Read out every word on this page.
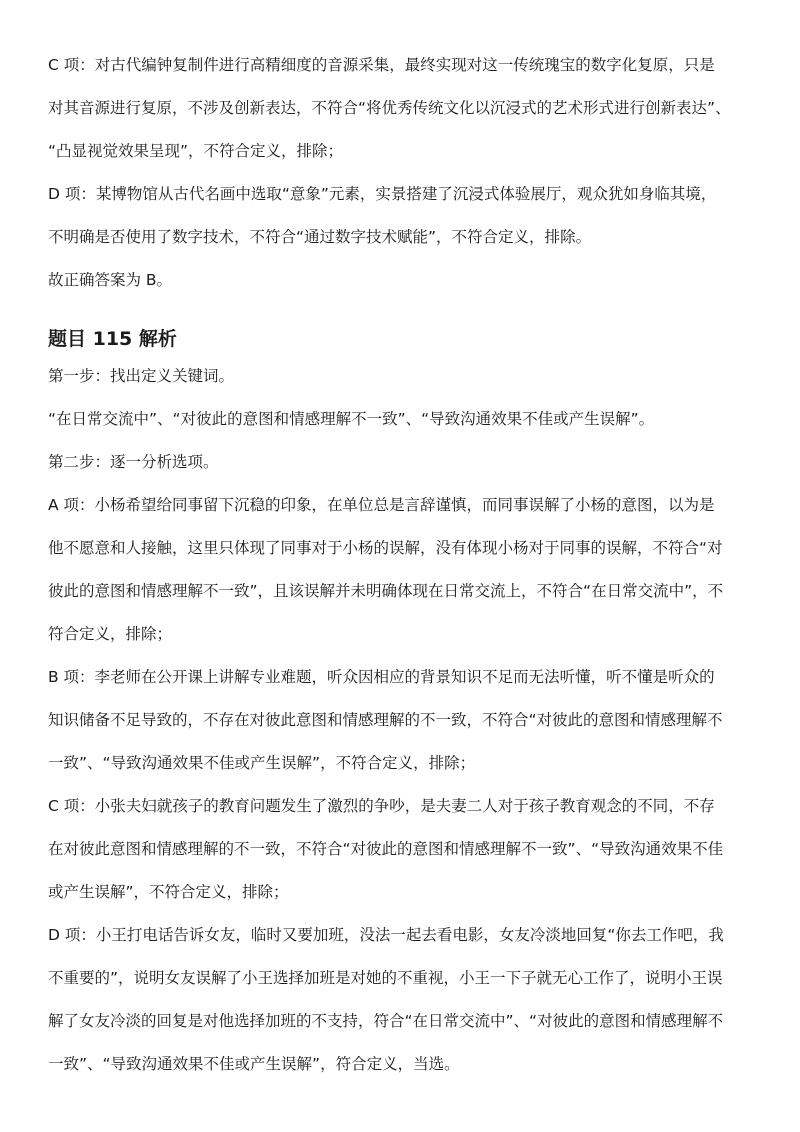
C 项：对古代编钟复制件进行高精细度的音源采集，最终实现对这一传统瑰宝的数字化复原，只是

对其音源进行复原，不涉及创新表达，不符合“将优秀传统文化以沉浸式的艺术形式进行创新表达”、

“凸显视觉效果呈现”，不符合定义，排除；

D 项：某博物馆从古代名画中选取“意象”元素，实景搭建了沉浸式体验展厅，观众犹如身临其境，

不明确是否使用了数字技术，不符合“通过数字技术赋能”，不符合定义，排除。

故正确答案为 B。

题目 115 解析

第一步：找出定义关键词。

“在日常交流中”、“对彼此的意图和情感理解不一致”、“导致沟通效果不佳或产生误解”。

第二步：逐一分析选项。

A 项：小杨希望给同事留下沉稳的印象，在单位总是言辞谨慎，而同事误解了小杨的意图，以为是

他不愿意和人接触，这里只体现了同事对于小杨的误解，没有体现小杨对于同事的误解，不符合“对

彼此的意图和情感理解不一致”，且该误解并未明确体现在日常交流上，不符合“在日常交流中”，不

符合定义，排除；

B 项：李老师在公开课上讲解专业难题，听众因相应的背景知识不足而无法听懂，听不懂是听众的

知识储备不足导致的，不存在对彼此意图和情感理解的不一致，不符合“对彼此的意图和情感理解不

一致”、“导致沟通效果不佳或产生误解”，不符合定义，排除；

C 项：小张夫妇就孩子的教育问题发生了激烈的争吵，是夫妻二人对于孩子教育观念的不同，不存

在对彼此意图和情感理解的不一致，不符合“对彼此的意图和情感理解不一致”、“导致沟通效果不佳

或产生误解”，不符合定义，排除；

D 项：小王打电话告诉女友，临时又要加班，没法一起去看电影，女友冷淡地回复“你去工作吧，我

不重要的”，说明女友误解了小王选择加班是对她的不重视，小王一下子就无心工作了，说明小王误

解了女友冷淡的回复是对他选择加班的不支持，符合“在日常交流中”、“对彼此的意图和情感理解不

一致”、“导致沟通效果不佳或产生误解”，符合定义，当选。
